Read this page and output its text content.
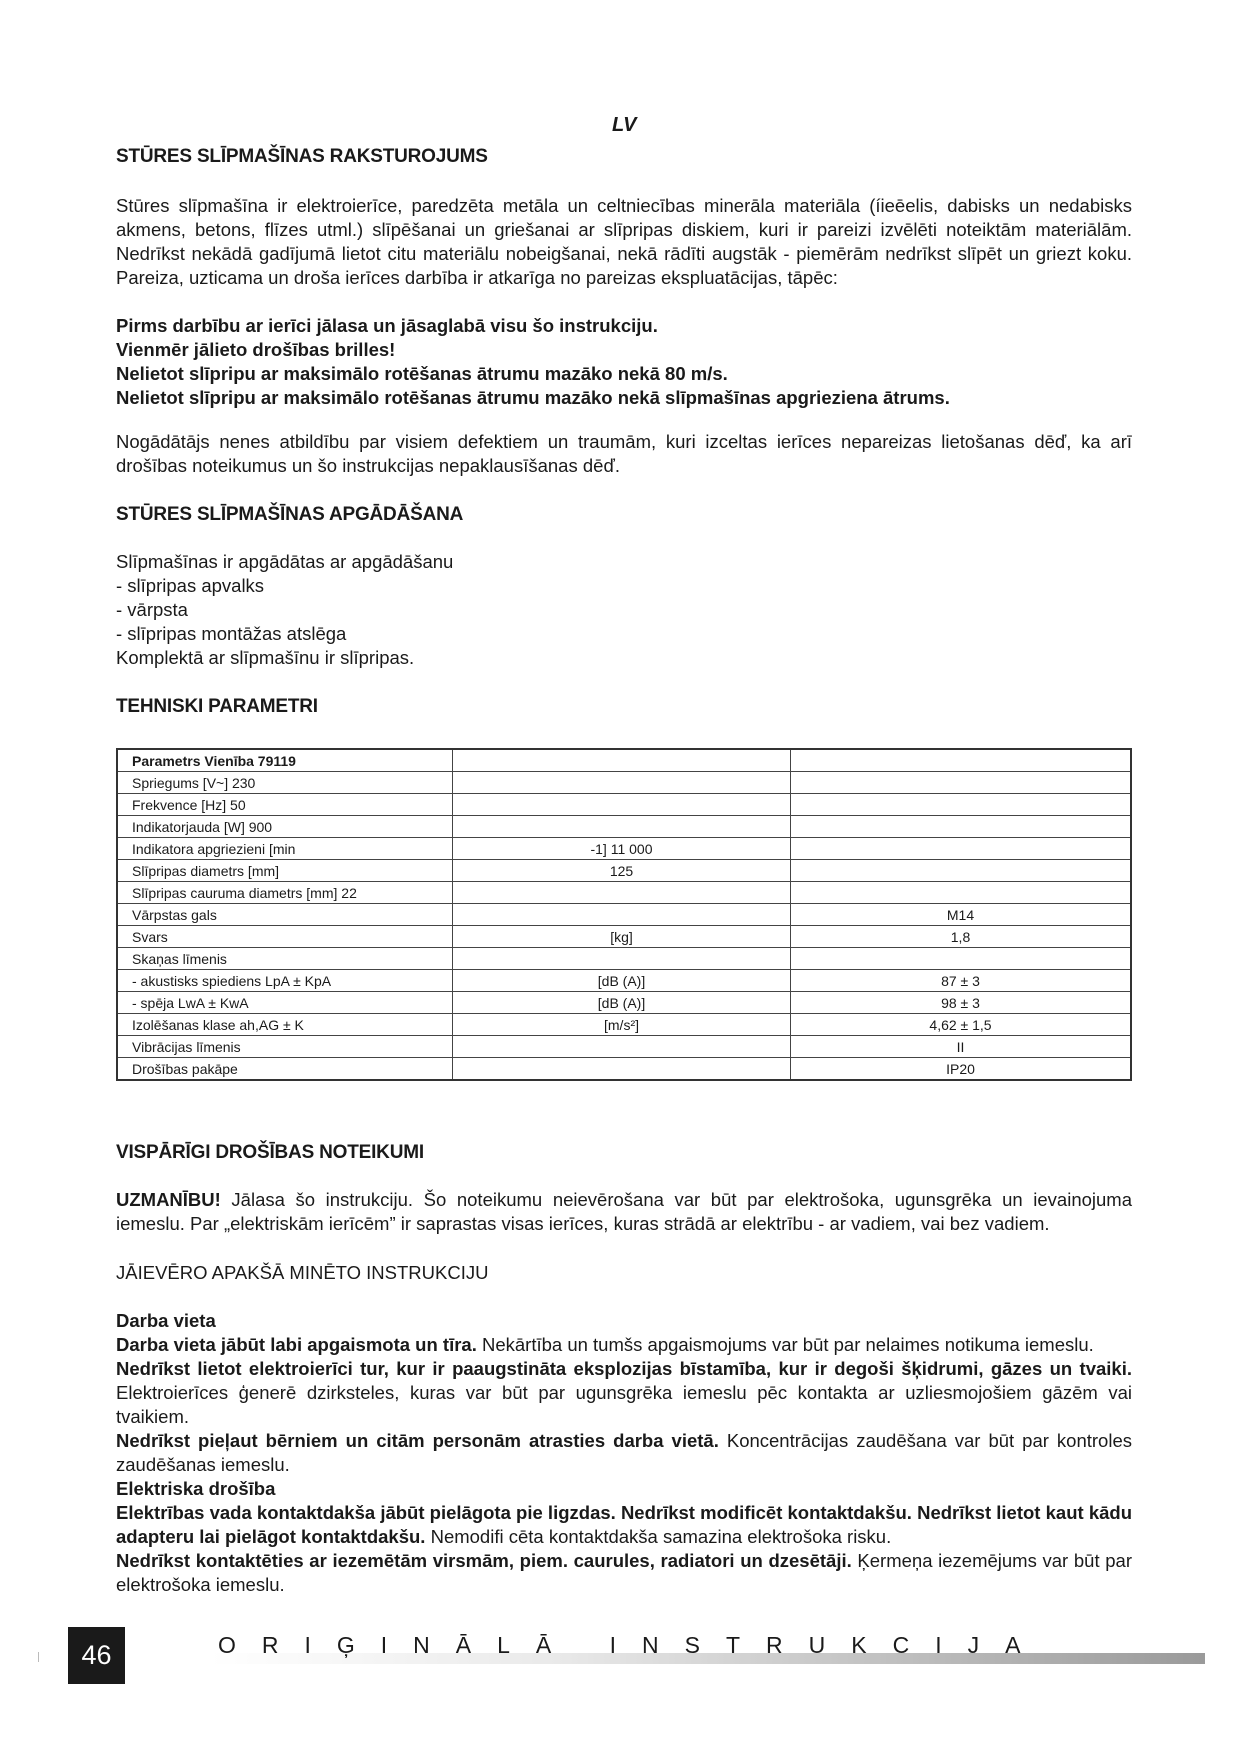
LV

STŪRES SLĪPMAŠĪNAS RAKSTUROJUMS

Stūres slīpmašīna ir elektroierīce, paredzēta metāla un celtniecības minerāla materiāla (íieēelis, dabisks un nedabisks akmens, betons, flīzes utml.) slīpēšanai un griešanai ar slīpripas diskiem, kuri ir pareizi izvēlēti noteiktām materiālām. Nedrīkst nekādā gadījumā lietot citu materiālu nobeigšanai, nekā rādīti augstāk - piemērām nedrīkst slīpēt un griezt koku. Pareiza, uzticama un droša ierīces darbība ir atkarīga no pareizas ekspluatācijas, tāpēc:

Pirms darbību ar ierīci jālasa un jāsaglabā visu šo instrukciju.

Vienmēr jālieto drošības brilles!

Nelietot slīpripu ar maksimālo rotēšanas ātrumu mazāko nekā 80 m/s.

Nelietot slīpripu ar maksimālo rotēšanas ātrumu mazāko nekā slīpmašīnas apgrieziena ātrums.

Nogādātājs nenes atbildību par visiem defektiem un traumām, kuri izceltas ierīces nepareizas lietošanas dēď, ka arī drošības noteikumus un šo instrukcijas nepaklausīšanas dēď.

STŪRES SLĪPMAŠĪNAS APGĀDĀŠANA

Slīpmašīnas ir apgādātas ar apgādāšanu

- slīpripas apvalks

- vārpsta

- slīpripas montāžas atslēga

Komplektā ar slīpmašīnu ir slīpripas.

TEHNISKI PARAMETRI

Parametrs Vienība 79119		
Spriegums [V~] 230		
Frekvence [Hz] 50		
Indikatorjauda [W] 900		
Indikatora apgriezieni [min	-1] 11 000	
Slīpripas diametrs [mm]	125	
Slīpripas cauruma diametrs [mm] 22		
Vārpstas gals		M14
Svars	[kg]	1,8
Skaņas līmenis		
- akustisks spiediens LpA ± KpA	[dB (A)]	87 ± 3
- spēja LwA ± KwA	[dB (A)]	98 ± 3
Izolēšanas klase ah,AG ± K	[m/s²]	4,62 ± 1,5
Vibrācijas līmenis		II
Drošības pakāpe		IP20

VISPĀRĪGI DROŠĪBAS NOTEIKUMI

UZMANĪBU! Jālasa šo instrukciju. Šo noteikumu neievērošana var būt par elektrošoka, ugunsgrēka un ievainojuma iemeslu. Par „elektriskām ierīcēm” ir saprastas visas ierīces, kuras strādā ar elektrību - ar vadiem, vai bez vadiem.

JĀIEVĒRO APAKŠĀ MINĒTO INSTRUKCIJU

Darba vieta

Darba vieta jābūt labi apgaismota un tīra. Nekārtība un tumšs apgaismojums var būt par nelaimes notikuma iemeslu.

Nedrīkst lietot elektroierīci tur, kur ir paaugstināta eksplozijas bīstamība, kur ir degoši šķidrumi, gāzes un tvaiki. Elektroierīces ģenerē dzirksteles, kuras var būt par ugunsgrēka iemeslu pēc kontakta ar uzliesmojošiem gāzēm vai tvaikiem.

Nedrīkst pieļaut bērniem un citām personām atrasties darba vietā. Koncentrācijas zaudēšana var būt par kontroles zaudēšanas iemeslu.

Elektriska drošība

Elektrības vada kontaktdakša jābūt pielāgota pie ligzdas. Nedrīkst modificēt kontaktdakšu. Nedrīkst lietot kaut kādu adapteru lai pielāgot kontaktdakšu. Nemodifi cēta kontaktdakša samazina elektrošoka risku.

Nedrīkst kontaktēties ar iezemētām virsmām, piem. caurules, radiatori un dzesētāji. Ķermeņa iezemējums var būt par elektrošoka iemeslu.

46	ORIĢINĀLĀ INSTRUKCIJA
